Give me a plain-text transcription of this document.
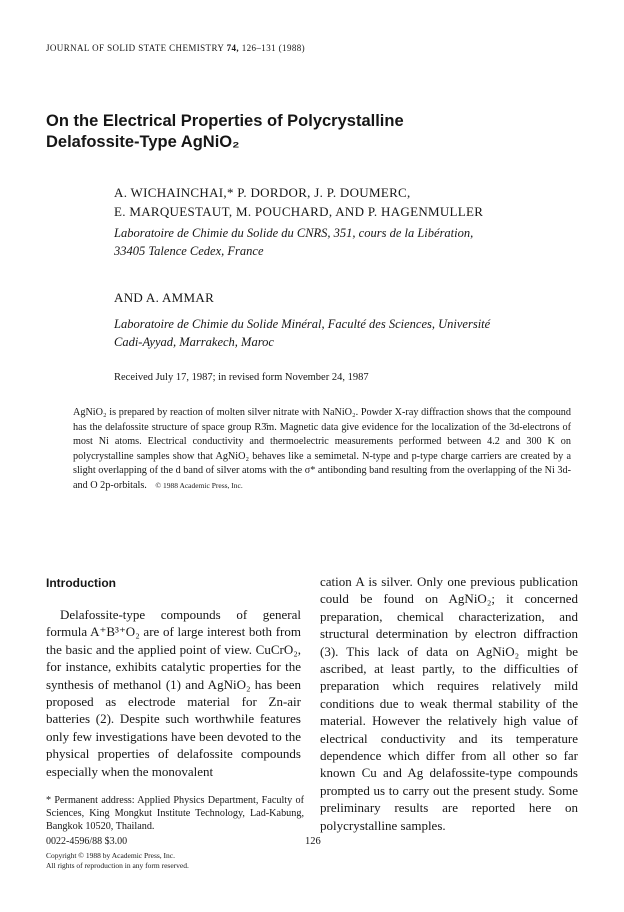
JOURNAL OF SOLID STATE CHEMISTRY 74, 126–131 (1988)
On the Electrical Properties of Polycrystalline
Delafossite-Type AgNiO₂
A. WICHAINCHAI,* P. DORDOR, J. P. DOUMERC,
E. MARQUESTAUT, M. POUCHARD, AND P. HAGENMULLER
Laboratoire de Chimie du Solide du CNRS, 351, cours de la Libération,
33405 Talence Cedex, France
AND A. AMMAR
Laboratoire de Chimie du Solide Minéral, Faculté des Sciences, Université
Cadi-Ayyad, Marrakech, Maroc
Received July 17, 1987; in revised form November 24, 1987
AgNiO₂ is prepared by reaction of molten silver nitrate with NaNiO₂. Powder X-ray diffraction shows that the compound has the delafossite structure of space group R3̄m. Magnetic data give evidence for the localization of the 3d-electrons of most Ni atoms. Electrical conductivity and thermoelectric measurements performed between 4.2 and 300 K on polycrystalline samples show that AgNiO₂ behaves like a semimetal. N-type and p-type charge carriers are created by a slight overlapping of the d band of silver atoms with the σ* antibonding band resulting from the overlapping of the Ni 3d- and O 2p-orbitals. © 1988 Academic Press, Inc.
Introduction
Delafossite-type compounds of general formula A⁺B³⁺O₂ are of large interest both from the basic and the applied point of view. CuCrO₂, for instance, exhibits catalytic properties for the synthesis of methanol (1) and AgNiO₂ has been proposed as electrode material for Zn-air batteries (2). Despite such worthwhile features only few investigations have been devoted to the physical properties of delafossite compounds especially when the monovalent
cation A is silver. Only one previous publication could be found on AgNiO₂; it concerned preparation, chemical characterization, and structural determination by electron diffraction (3). This lack of data on AgNiO₂ might be ascribed, at least partly, to the difficulties of preparation which requires relatively mild conditions due to weak thermal stability of the material. However the relatively high value of electrical conductivity and its temperature dependence which differ from all other so far known Cu and Ag delafossite-type compounds prompted us to carry out the present study. Some preliminary results are reported here on polycrystalline samples.
* Permanent address: Applied Physics Department, Faculty of Sciences, King Mongkut Institute Technology, Lad-Kabung, Bangkok 10520, Thailand.
126
0022-4596/88 $3.00
Copyright © 1988 by Academic Press, Inc.
All rights of reproduction in any form reserved.
